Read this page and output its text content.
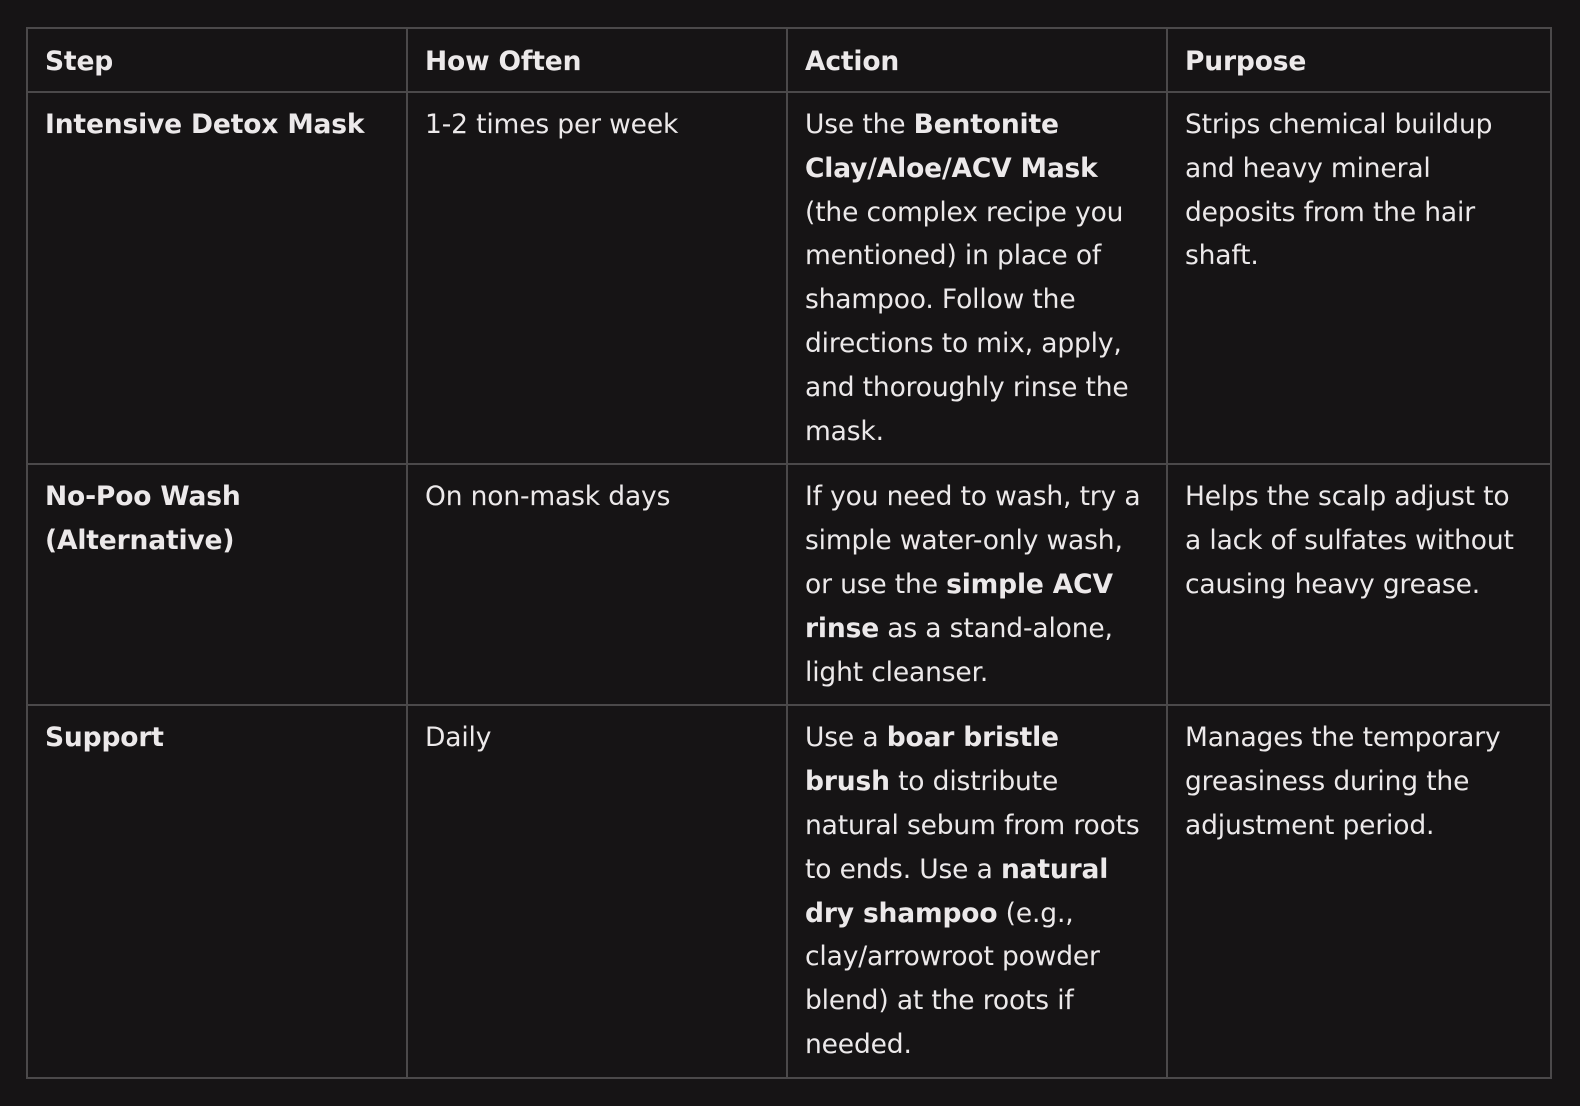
Step	How Often	Action	Purpose
Intensive Detox Mask	1-2 times per week	Use the Bentonite Clay/Aloe/ACV Mask (the complex recipe you mentioned) in place of shampoo. Follow the directions to mix, apply, and thoroughly rinse the mask.	Strips chemical buildup and heavy mineral deposits from the hair shaft.
No-Poo Wash (Alternative)	On non-mask days	If you need to wash, try a simple water-only wash, or use the simple ACV rinse as a stand-alone, light cleanser.	Helps the scalp adjust to a lack of sulfates without causing heavy grease.
Support	Daily	Use a boar bristle brush to distribute natural sebum from roots to ends. Use a natural dry shampoo (e.g., clay/arrowroot powder blend) at the roots if needed.	Manages the temporary greasiness during the adjustment period.
